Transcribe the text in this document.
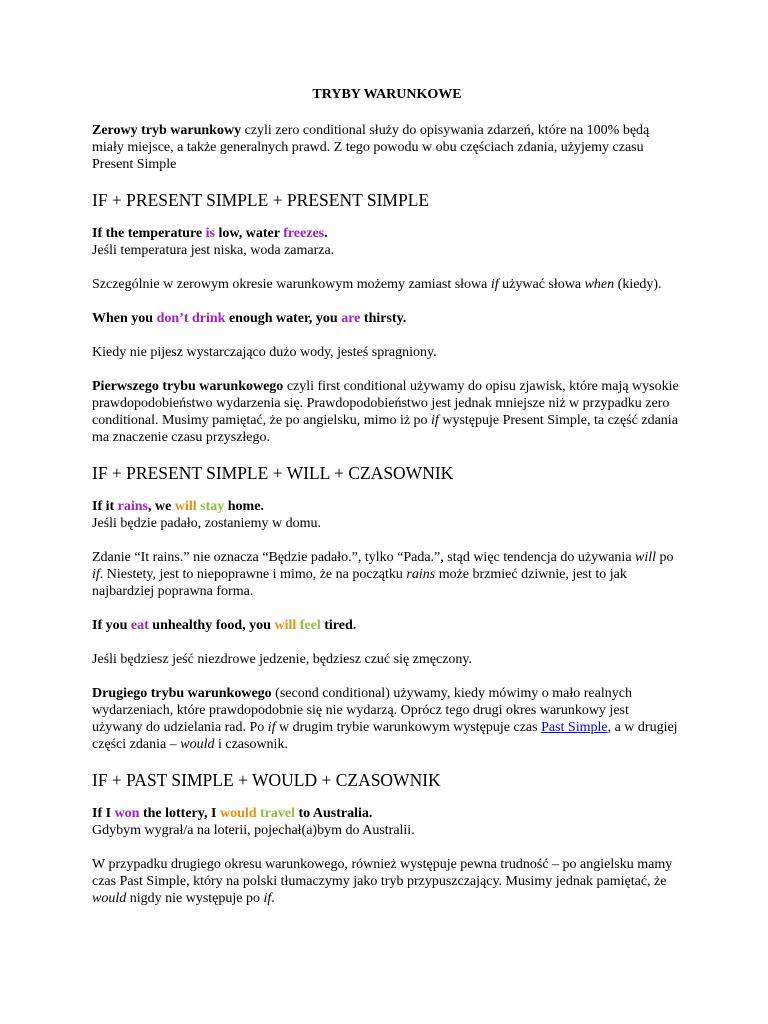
TRYBY WARUNKOWE

Zerowy tryb warunkowy czyli zero conditional służy do opisywania zdarzeń, które na 100% będą miały miejsce, a także generalnych prawd. Z tego powodu w obu częściach zdania, użyjemy czasu Present Simple

IF + PRESENT SIMPLE + PRESENT SIMPLE

If the temperature is low, water freezes.

Jeśli temperatura jest niska, woda zamarza.

Szczególnie w zerowym okresie warunkowym możemy zamiast słowa if używać słowa when (kiedy).

When you don’t drink enough water, you are thirsty.

Kiedy nie pijesz wystarczająco dużo wody, jesteś spragniony.

Pierwszego trybu warunkowego czyli first conditional używamy do opisu zjawisk, które mają wysokie prawdopodobieństwo wydarzenia się. Prawdopodobieństwo jest jednak mniejsze niż w przypadku zero conditional. Musimy pamiętać, że po angielsku, mimo iż po if występuje Present Simple, ta część zdania ma znaczenie czasu przyszłego.

IF + PRESENT SIMPLE + WILL + CZASOWNIK

If it rains, we will stay home.

Jeśli będzie padało, zostaniemy w domu.

Zdanie “It rains.” nie oznacza “Będzie padało.”, tylko “Pada.”, stąd więc tendencja do używania will po if. Niestety, jest to niepoprawne i mimo, że na początku rains może brzmieć dziwnie, jest to jak najbardziej poprawna forma.

If you eat unhealthy food, you will feel tired.

Jeśli będziesz jeść niezdrowe jedzenie, będziesz czuć się zmęczony.

Drugiego trybu warunkowego (second conditional) używamy, kiedy mówimy o mało realnych wydarzeniach, które prawdopodobnie się nie wydarzą. Oprócz tego drugi okres warunkowy jest używany do udzielania rad. Po if w drugim trybie warunkowym występuje czas Past Simple, a w drugiej części zdania – would i czasownik.

IF + PAST SIMPLE + WOULD + CZASOWNIK

If I won the lottery, I would travel to Australia.

Gdybym wygrał/a na loterii, pojechał(a)bym do Australii.

W przypadku drugiego okresu warunkowego, również występuje pewna trudność – po angielsku mamy czas Past Simple, który na polski tłumaczymy jako tryb przypuszczający. Musimy jednak pamiętać, że would nigdy nie występuje po if.
